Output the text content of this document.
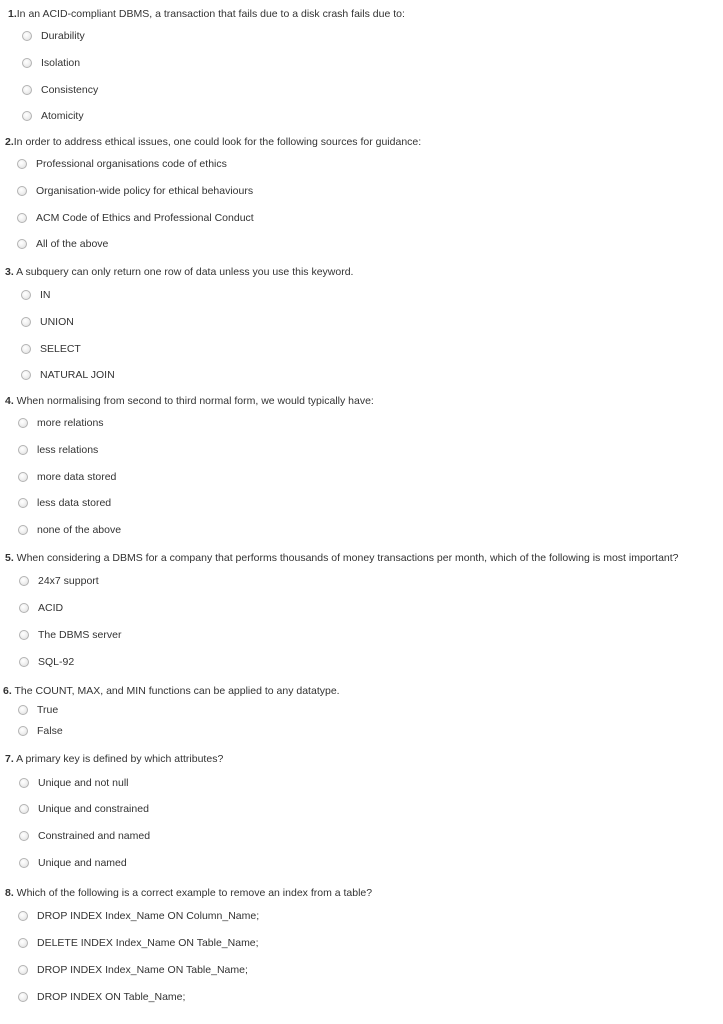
1.In an ACID-compliant DBMS, a transaction that fails due to a disk crash fails due to:
Durability
Isolation
Consistency
Atomicity
2.In order to address ethical issues, one could look for the following sources for guidance:
Professional organisations code of ethics
Organisation-wide policy for ethical behaviours
ACM Code of Ethics and Professional Conduct
All of the above
3. A subquery can only return one row of data unless you use this keyword.
IN
UNION
SELECT
NATURAL JOIN
4. When normalising from second to third normal form, we would typically have:
more relations
less relations
more data stored
less data stored
none of the above
5. When considering a DBMS for a company that performs thousands of money transactions per month, which of the following is most important?
24x7 support
ACID
The DBMS server
SQL-92
6. The COUNT, MAX, and MIN functions can be applied to any datatype.
True
False
7. A primary key is defined by which attributes?
Unique and not null
Unique and constrained
Constrained and named
Unique and named
8. Which of the following is a correct example to remove an index from a table?
DROP INDEX Index_Name ON Column_Name;
DELETE INDEX Index_Name ON Table_Name;
DROP INDEX Index_Name ON Table_Name;
DROP INDEX ON Table_Name;
